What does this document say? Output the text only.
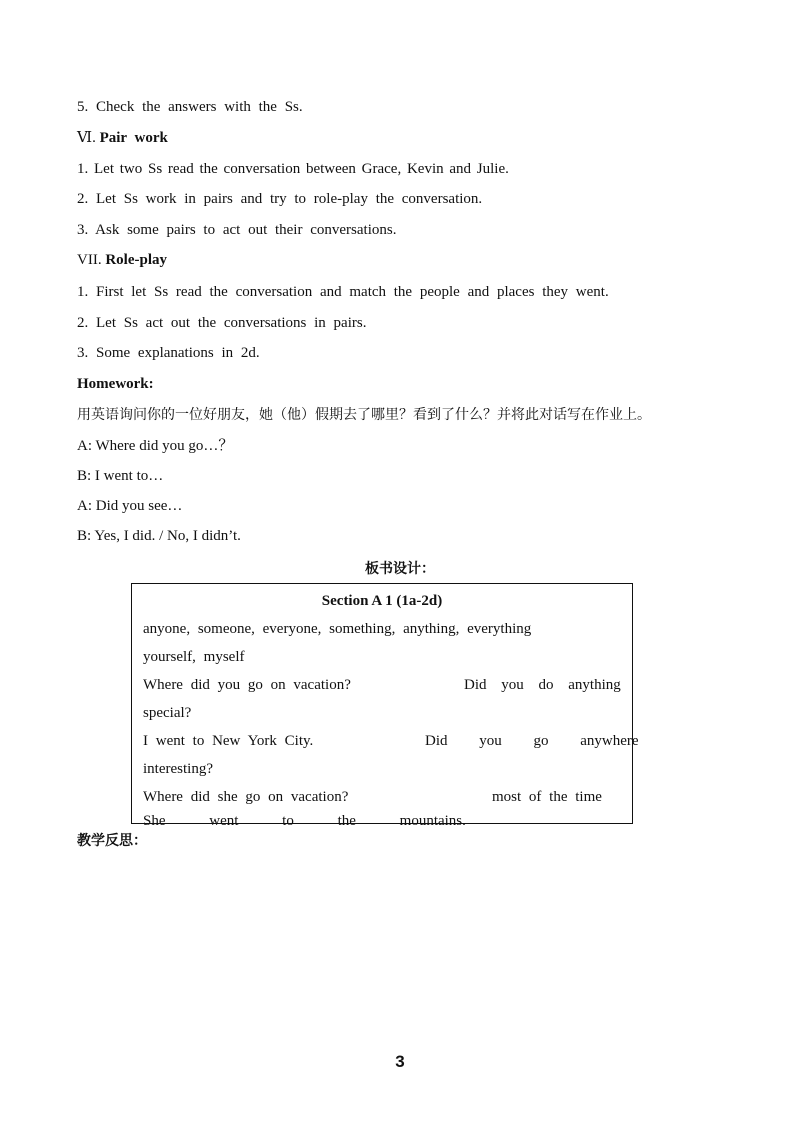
5. Check the answers with the Ss.
Ⅵ. Pair work
1. Let two Ss read the conversation between Grace, Kevin and Julie.
2. Let Ss work in pairs and try to role-play the conversation.
3. Ask some pairs to act out their conversations.
VII. Role-play
1. First let Ss read the conversation and match the people and places they went.
2. Let Ss act out the conversations in pairs.
3. Some explanations in 2d.
Homework:
用英语询问你的一位好朋友，她（他）假期去了哪里？看到了什么？并将此对话写在作业上。
A: Where did you go…？
B: I went to…
A: Did you see…
B: Yes, I did. / No, I didn’t.
板书设计：
Section A 1 (1a-2d)
anyone, someone, everyone, something, anything, everything
yourself, myself
Where did you go on vacation?	Did you do anything
special?
I went to New York City.	Did you go anywhere
interesting?
Where did she go on vacation?	most of the time
She went to the mountains.
教学反思：
3
